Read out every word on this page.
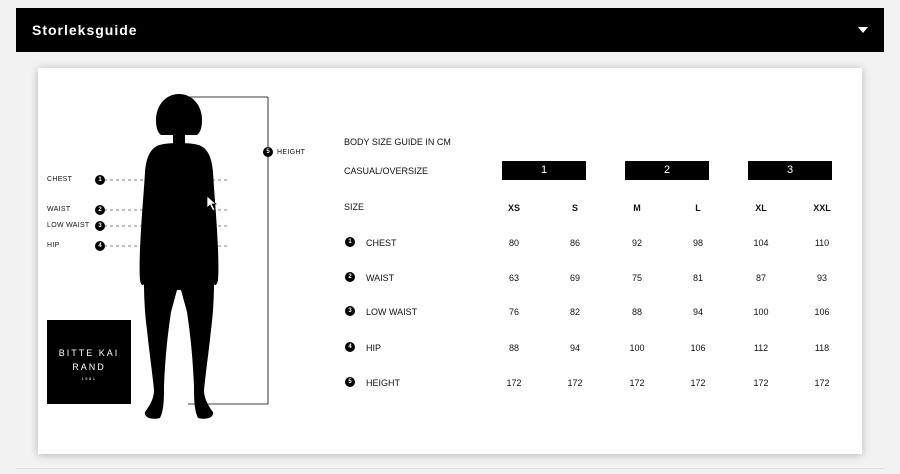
Storleksguide
CHEST	1
WAIST	2
LOW WAIST	3
HIP	4
5	HEIGHT
BITTE KAI
RAND
1981
BODY SIZE GUIDE IN CM
CASUAL/OVERSIZE	1	2	3
SIZE	XS	S	M	L	XL	XXL
1	CHEST	80	86	92	98	104	110
2	WAIST	63	69	75	81	87	93
3	LOW WAIST	76	82	88	94	100	106
4	HIP	88	94	100	106	112	118
5	HEIGHT	172	172	172	172	172	172
